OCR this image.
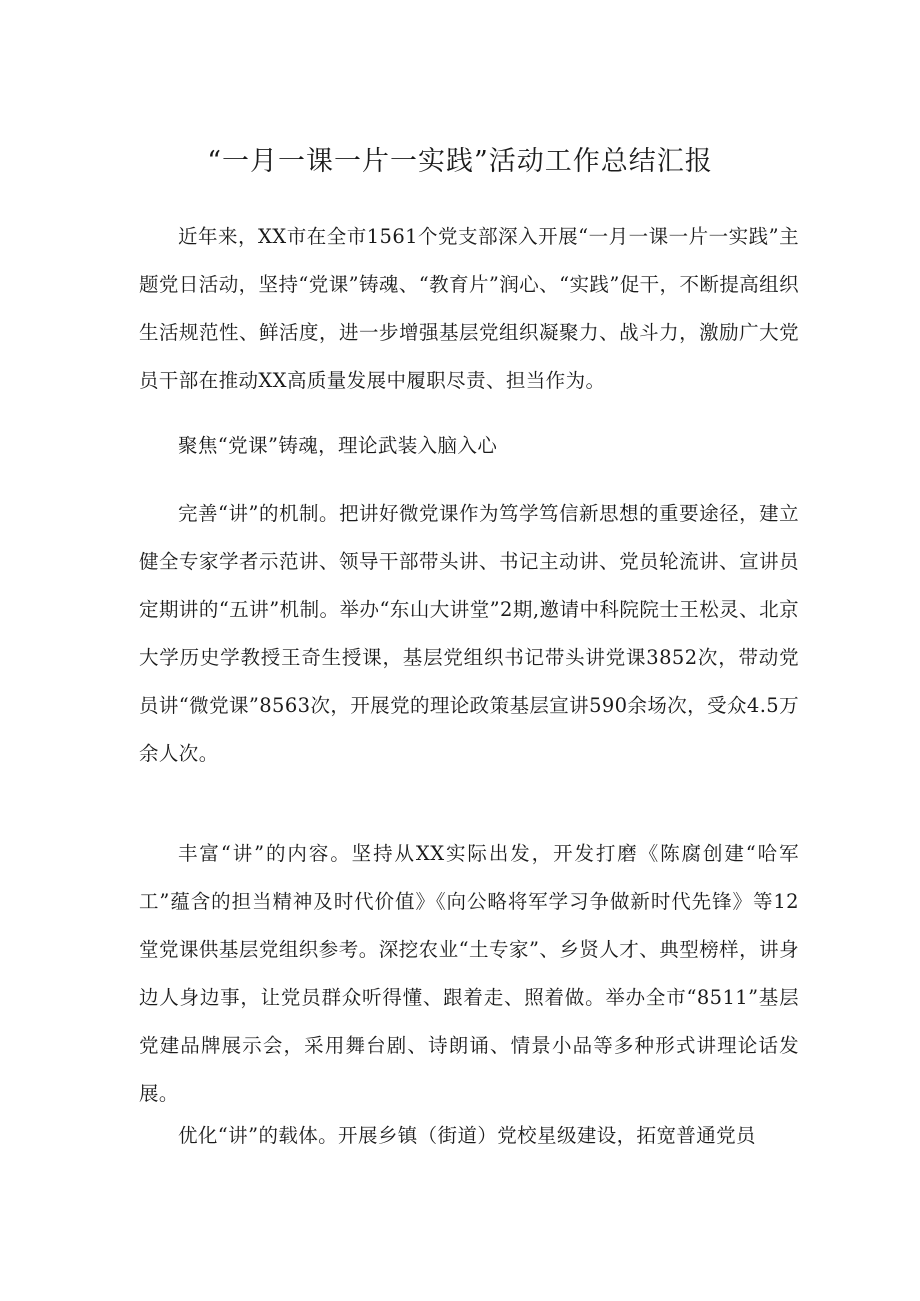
“一月一课一片一实践”活动工作总结汇报

近年来，XX市在全市1561个党支部深入开展“一月一课一片一实践”主题党日活动，坚持“党课”铸魂、“教育片”润心、“实践”促干，不断提高组织生活规范性、鲜活度，进一步增强基层党组织凝聚力、战斗力，激励广大党员干部在推动XX高质量发展中履职尽责、担当作为。

聚焦“党课”铸魂，理论武装入脑入心

完善“讲”的机制。把讲好微党课作为笃学笃信新思想的重要途径，建立健全专家学者示范讲、领导干部带头讲、书记主动讲、党员轮流讲、宣讲员定期讲的“五讲”机制。举办“东山大讲堂”2期,邀请中科院院士王松灵、北京大学历史学教授王奇生授课，基层党组织书记带头讲党课3852次，带动党员讲“微党课”8563次，开展党的理论政策基层宣讲590余场次，受众4.5万余人次。

丰富“讲”的内容。坚持从XX实际出发，开发打磨《陈腐创建“哈军工”蕴含的担当精神及时代价值》《向公略将军学习争做新时代先锋》等12堂党课供基层党组织参考。深挖农业“土专家”、乡贤人才、典型榜样，讲身边人身边事，让党员群众听得懂、跟着走、照着做。举办全市“8511”基层党建品牌展示会，采用舞台剧、诗朗诵、情景小品等多种形式讲理论话发展。

优化“讲”的载体。开展乡镇（街道）党校星级建设，拓宽普通党员
